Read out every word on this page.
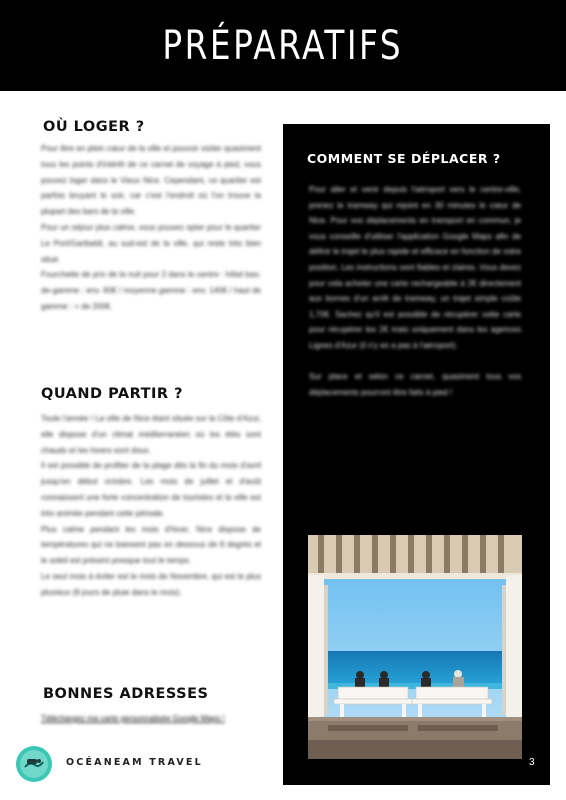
PRÉPARATIFS
OÙ LOGER ?
Pour être en plein cœur de la ville et pouvoir visiter quasiment tous les points d'intérêt de ce carnet de voyage à pied, vous pouvez loger dans le Vieux Nice. Cependant, ce quartier est parfois bruyant le soir, car c'est l'endroit où l'on trouve la plupart des bars de la ville.
Pour un séjour plus calme, vous pouvez opter pour le quartier Le Port/Garibaldi, au sud-est de la ville, qui reste très bien situé.
Fourchette de prix de la nuit pour 2 dans le centre : hôtel bas-de-gamme : env. 60€ / moyenne gamme : env. 140€ / haut de gamme : + de 200€.
QUAND PARTIR ?
Toute l'année ! La ville de Nice étant située sur la Côte d'Azur, elle dispose d'un climat méditerranéen où les étés sont chauds et les hivers sont doux.
Il est possible de profiter de la plage dès la fin du mois d'avril jusqu'en début octobre. Les mois de juillet et d'août connaissent une forte concentration de touristes et la ville est très animée pendant cette période.
Plus calme pendant les mois d'hiver, Nice dispose de températures qui ne baissent pas en dessous de 8 degrés et le soleil est présent presque tout le temps.
Le seul mois à éviter est le mois de Novembre, qui est le plus pluvieux (8 jours de pluie dans le mois).
BONNES ADRESSES
Téléchargez ma carte personnalisée Google Maps !
COMMENT SE DÉPLACER ?
Pour aller et venir depuis l'aéroport vers le centre-ville, prenez le tramway qui rejoint en 30 minutes le cœur de Nice. Pour vos déplacements en transport en commun, je vous conseille d'utiliser l'application Google Maps afin de définir le trajet le plus rapide et efficace en fonction de votre position. Les instructions sont fiables et claires. Vous devez pour cela acheter une carte rechargeable à 2€ directement aux bornes d'un arrêt de tramway, un trajet simple coûte 1,70€. Sachez qu'il est possible de récupérer cette carte pour récupérer les 2€ mais uniquement dans les agences Lignes d'Azur (il n'y en a pas à l'aéroport).

Sur place et selon ce carnet, quasiment tous vos déplacements pourront être faits à pied !
3

OCÉANEAM TRAVEL
